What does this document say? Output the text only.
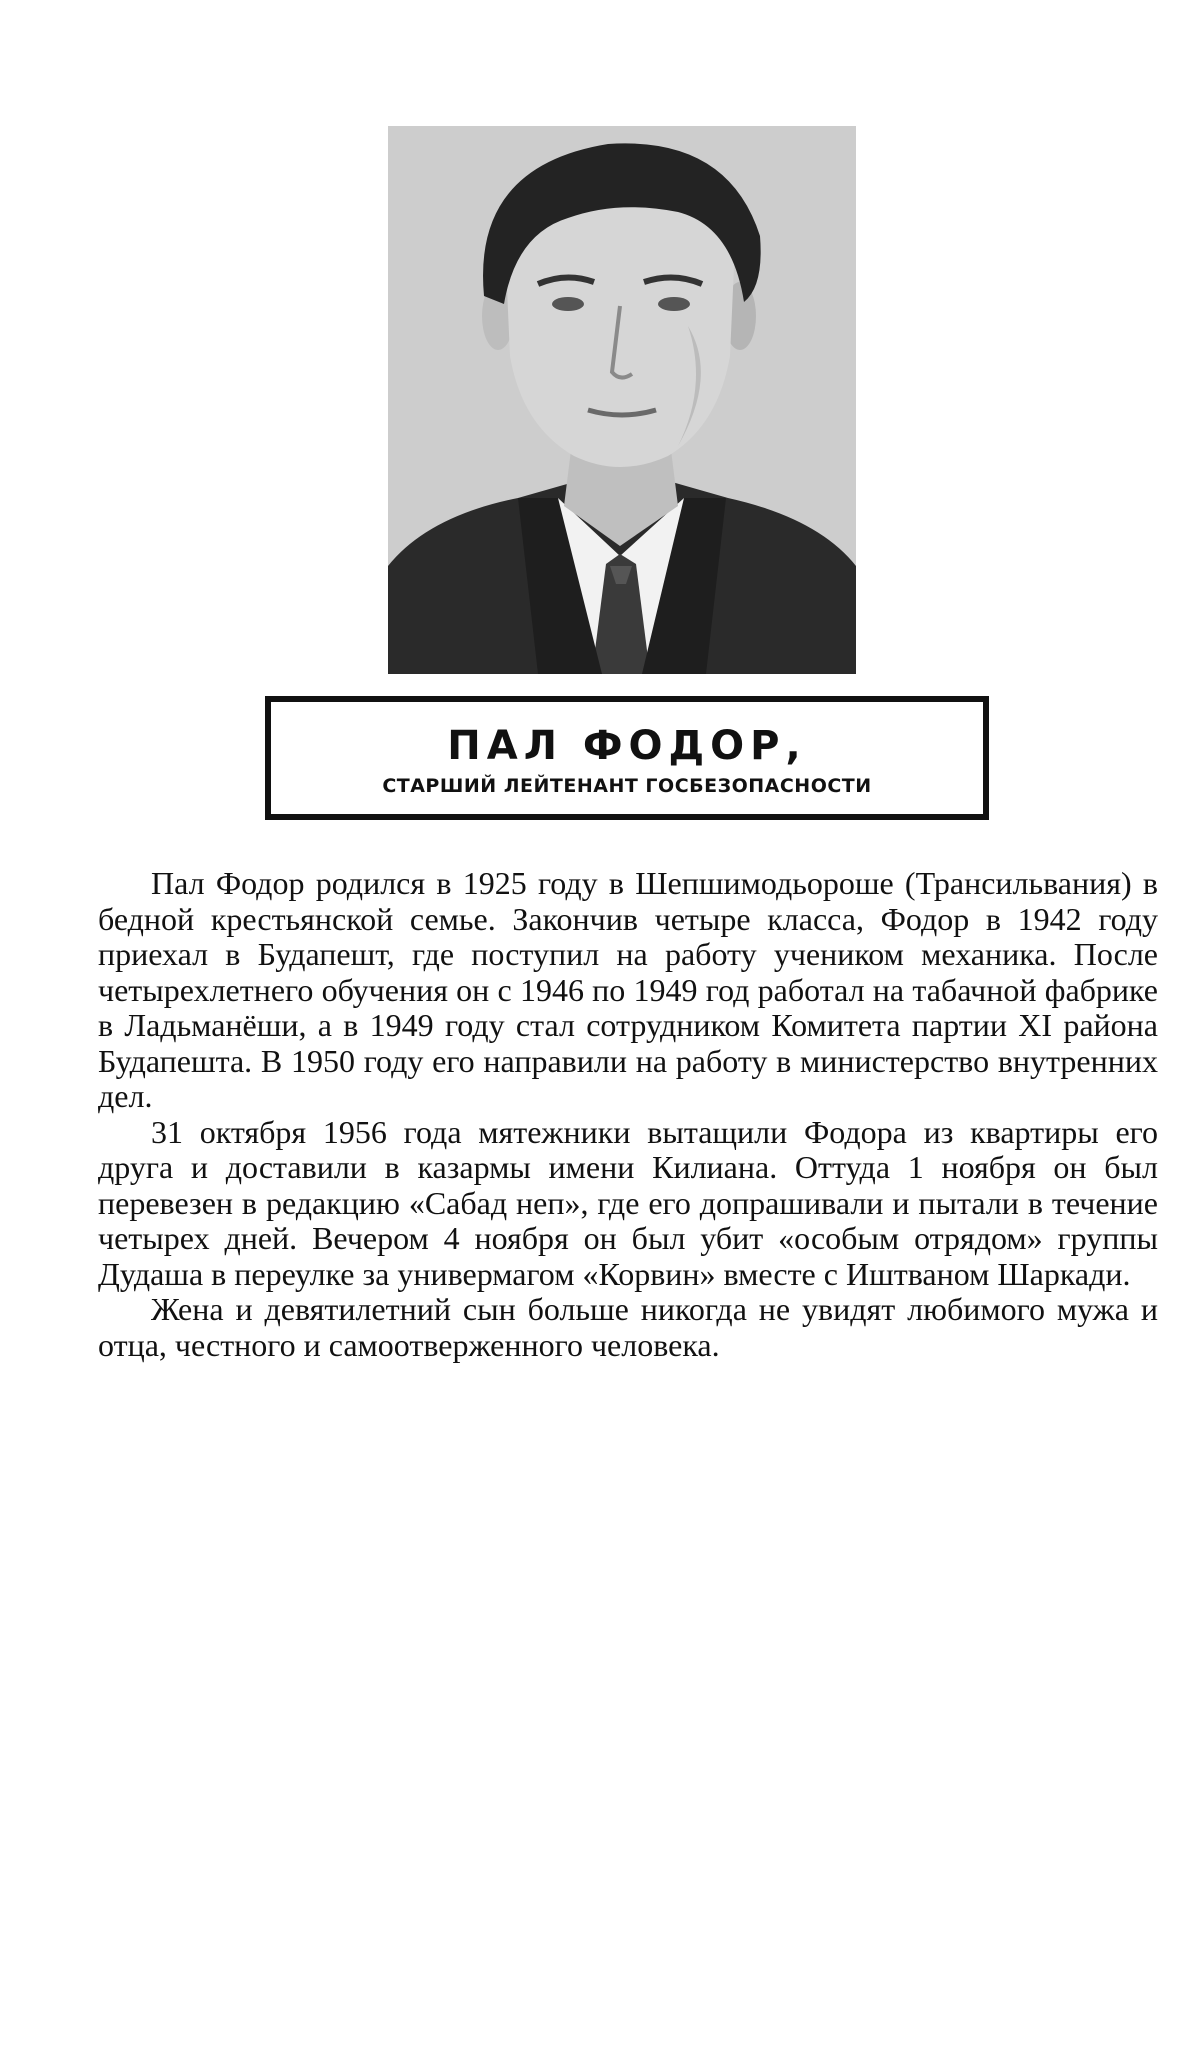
ПАЛ ФОДОР,
СТАРШИЙ ЛЕЙТЕНАНТ ГОСБЕЗОПАСНОСТИ

Пал Фодор родился в 1925 году в Шепшимодьороше (Трансильвания) в бедной крестьянской семье. Закончив четыре класса, Фодор в 1942 году приехал в Будапешт, где поступил на работу учеником механика. После четырехлетнего обучения он с 1946 по 1949 год работал на табачной фабрике в Ладьманёши, а в 1949 году стал сотрудником Комитета партии XI района Будапешта. В 1950 году его направили на работу в министерство внутренних дел.

31 октября 1956 года мятежники вытащили Фодора из квартиры его друга и доставили в казармы имени Килиана. Оттуда 1 ноября он был перевезен в редакцию «Сабад неп», где его допрашивали и пытали в течение четырех дней. Вечером 4 ноября он был убит «особым отрядом» группы Дудаша в переулке за универмагом «Корвин» вместе с Иштваном Шаркади.

Жена и девятилетний сын больше никогда не увидят любимого мужа и отца, честного и самоотверженного человека.
